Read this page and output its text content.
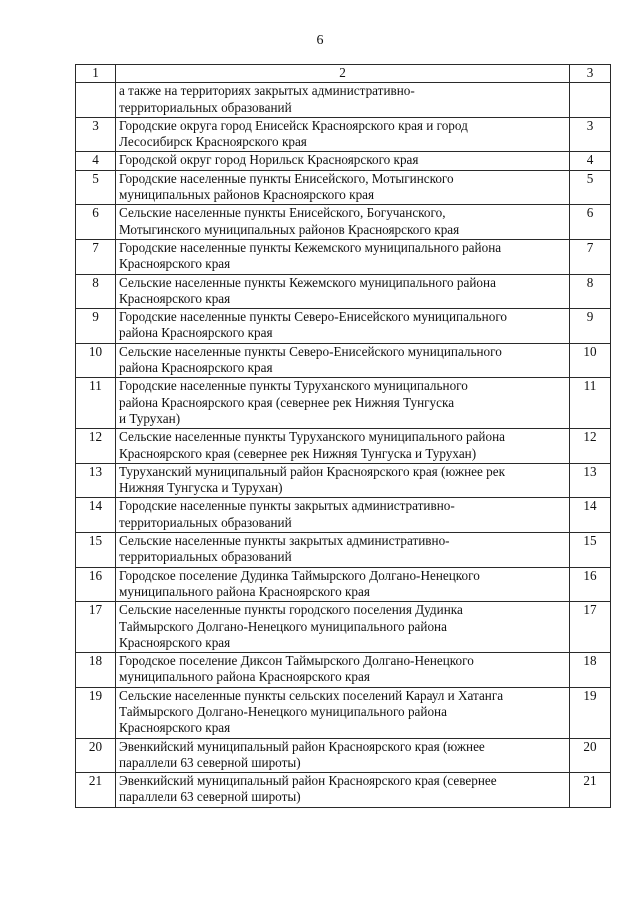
6
1	2	3
	а также на территориях закрытых административно-
территориальных образований	
3	Городские округа город Енисейск Красноярского края и город
Лесосибирск Красноярского края	3
4	Городской округ город Норильск Красноярского края	4
5	Городские населенные пункты Енисейского, Мотыгинского
муниципальных районов Красноярского края	5
6	Сельские населенные пункты Енисейского, Богучанского,
Мотыгинского муниципальных районов Красноярского края	6
7	Городские населенные пункты Кежемского муниципального района
Красноярского края	7
8	Сельские населенные пункты Кежемского муниципального района
Красноярского края	8
9	Городские населенные пункты Северо-Енисейского муниципального
района Красноярского края	9
10	Сельские населенные пункты Северо-Енисейского муниципального
района Красноярского края	10
11	Городские населенные пункты Туруханского муниципального
района Красноярского края (севернее рек Нижняя Тунгуска
и Турухан)	11
12	Сельские населенные пункты Туруханского муниципального района
Красноярского края (севернее рек Нижняя Тунгуска и Турухан)	12
13	Туруханский муниципальный район Красноярского края (южнее рек
Нижняя Тунгуска и Турухан)	13
14	Городские населенные пункты закрытых административно-
территориальных образований	14
15	Сельские населенные пункты закрытых административно-
территориальных образований	15
16	Городское поселение Дудинка Таймырского Долгано-Ненецкого
муниципального района Красноярского края	16
17	Сельские населенные пункты городского поселения Дудинка
Таймырского Долгано-Ненецкого муниципального района
Красноярского края	17
18	Городское поселение Диксон Таймырского Долгано-Ненецкого
муниципального района Красноярского края	18
19	Сельские населенные пункты сельских поселений Караул и Хатанга
Таймырского Долгано-Ненецкого муниципального района
Красноярского края	19
20	Эвенкийский муниципальный район Красноярского края (южнее
параллели 63 северной широты)	20
21	Эвенкийский муниципальный район Красноярского края (севернее
параллели 63 северной широты)	21
